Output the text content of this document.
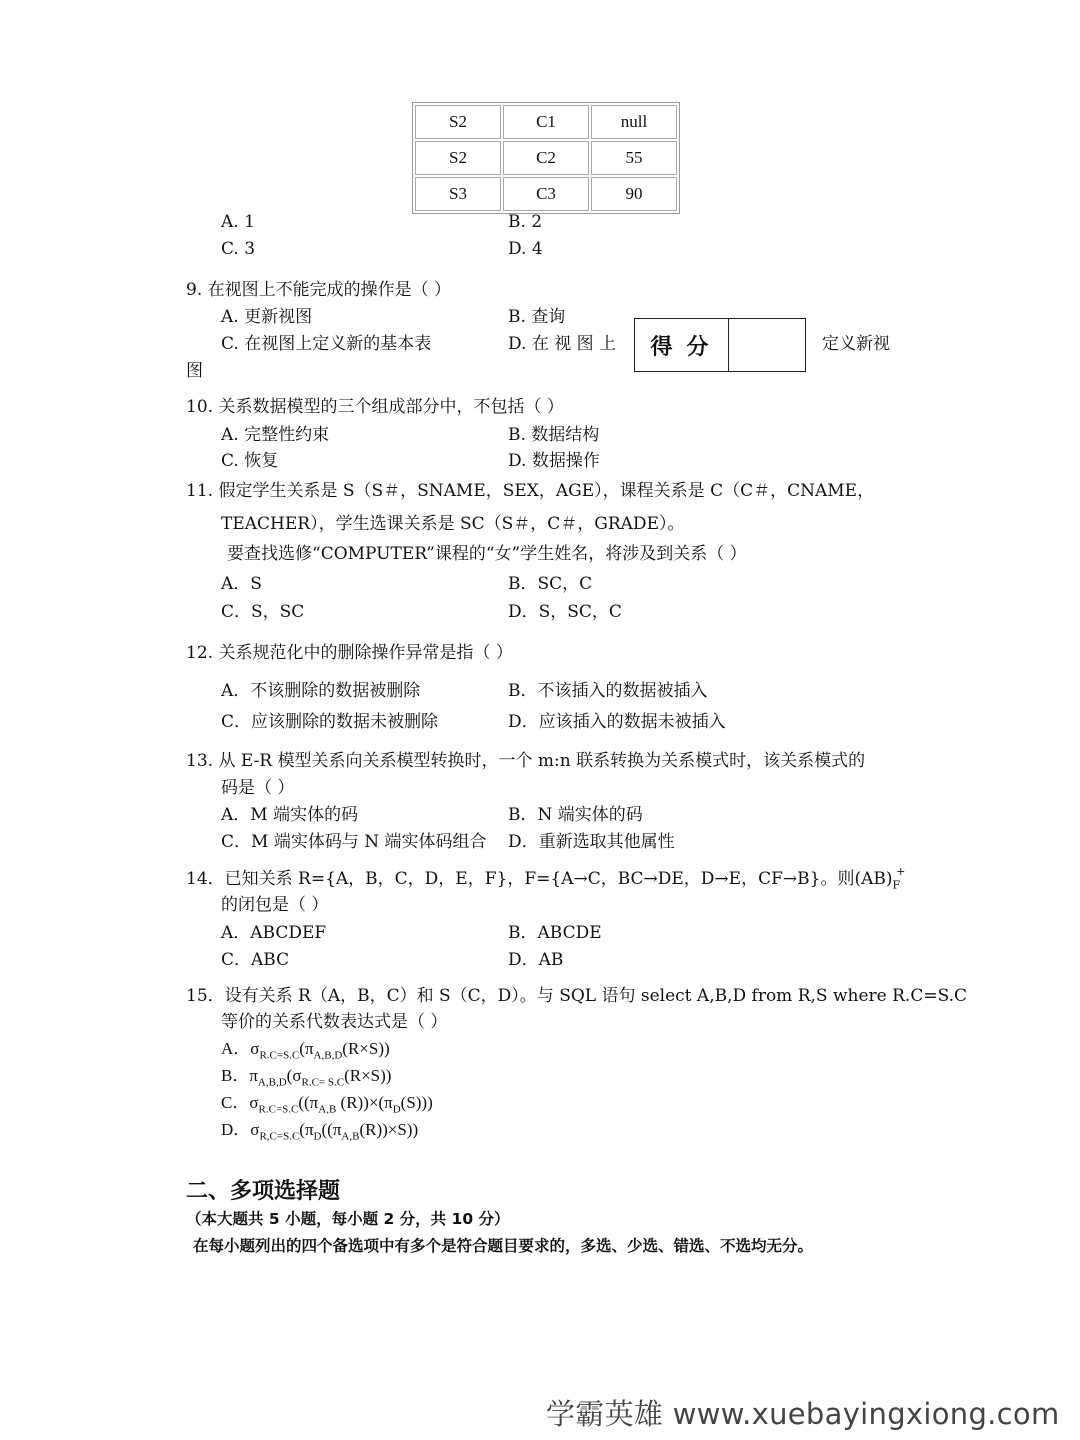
S2	C1	null
S2	C2	55
S3	C3	90
A. 1	B. 2
C. 3	D. 4
9. 在视图上不能完成的操作是（ ）
A. 更新视图	B. 查询
C. 在视图上定义新的基本表	D. 在 视 图 上	定义新视
图
得分
10. 关系数据模型的三个组成部分中，不包括（ ）
A. 完整性约束	B. 数据结构
C. 恢复	D. 数据操作
11. 假定学生关系是 S（S＃，SNAME，SEX，AGE），课程关系是 C（C＃，CNAME，
TEACHER），学生选课关系是 SC（S＃，C＃，GRADE）。
要查找选修“COMPUTER”课程的“女”学生姓名，将涉及到关系（ ）
A．S	B．SC，C
C．S，SC	D．S，SC，C
12. 关系规范化中的删除操作异常是指（ ）
A．不该删除的数据被删除	B．不该插入的数据被插入
C．应该删除的数据未被删除	D．应该插入的数据未被插入
13. 从 E-R 模型关系向关系模型转换时，一个 m:n 联系转换为关系模式时，该关系模式的
码是（ ）
A．M 端实体的码	B．N 端实体的码
C．M 端实体码与 N 端实体码组合 D．重新选取其他属性
14．已知关系 R={A，B，C，D，E，F}，F={A→C，BC→DE，D→E，CF→B}。则$(AB)_F^+$
的闭包是（ ）
A．ABCDEF	B．ABCDE
C．ABC	D．AB
15．设有关系 R（A，B，C）和 S（C，D）。与 SQL 语句 select A,B,D from R,S where R.C=S.C
等价的关系代数表达式是（ ）
A．$\sigma_{R.C=S.C}(\pi_{A,B,D}(R\times S))$
B．$\pi_{A,B,D}(\sigma_{R.C= S.C}(R\times S))$
C．$\sigma_{R.C=S.C}((\pi_{A,B}$ $(R))\times(\pi_D(S))$)
D．$\sigma_{R,C=S.C}(\pi_D((\pi_{A,B}(R))\times S))$
二、多项选择题
（本大题共 5 小题，每小题 2 分，共 10 分）
在每小题列出的四个备选项中有多个是符合题目要求的，多选、少选、错选、不选均无分。
学霸英雄 www.xuebayingxiong.com
